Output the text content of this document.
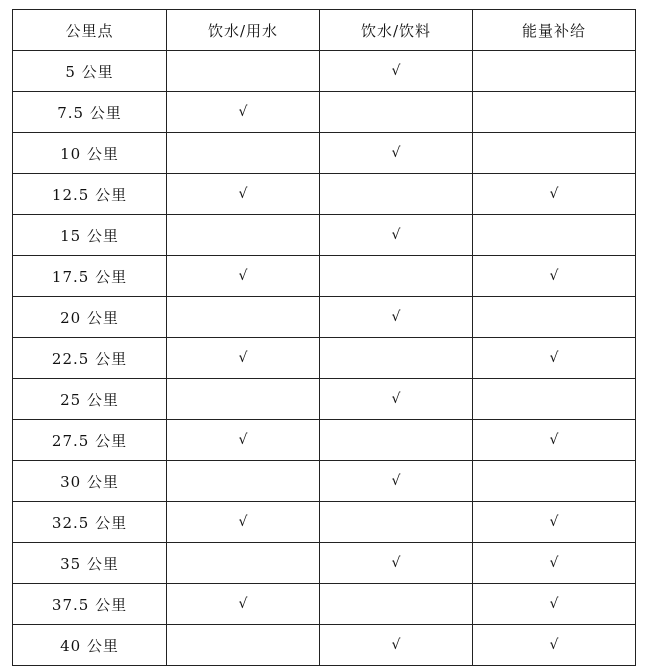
公里点	饮水/用水	饮水/饮料	能量补给
5 公里		√	
7.5 公里	√		
10 公里		√	
12.5 公里	√		√
15 公里		√	
17.5 公里	√		√
20 公里		√	
22.5 公里	√		√
25 公里		√	
27.5 公里	√		√
30 公里		√	
32.5 公里	√		√
35 公里		√	√
37.5 公里	√		√
40 公里		√	√
